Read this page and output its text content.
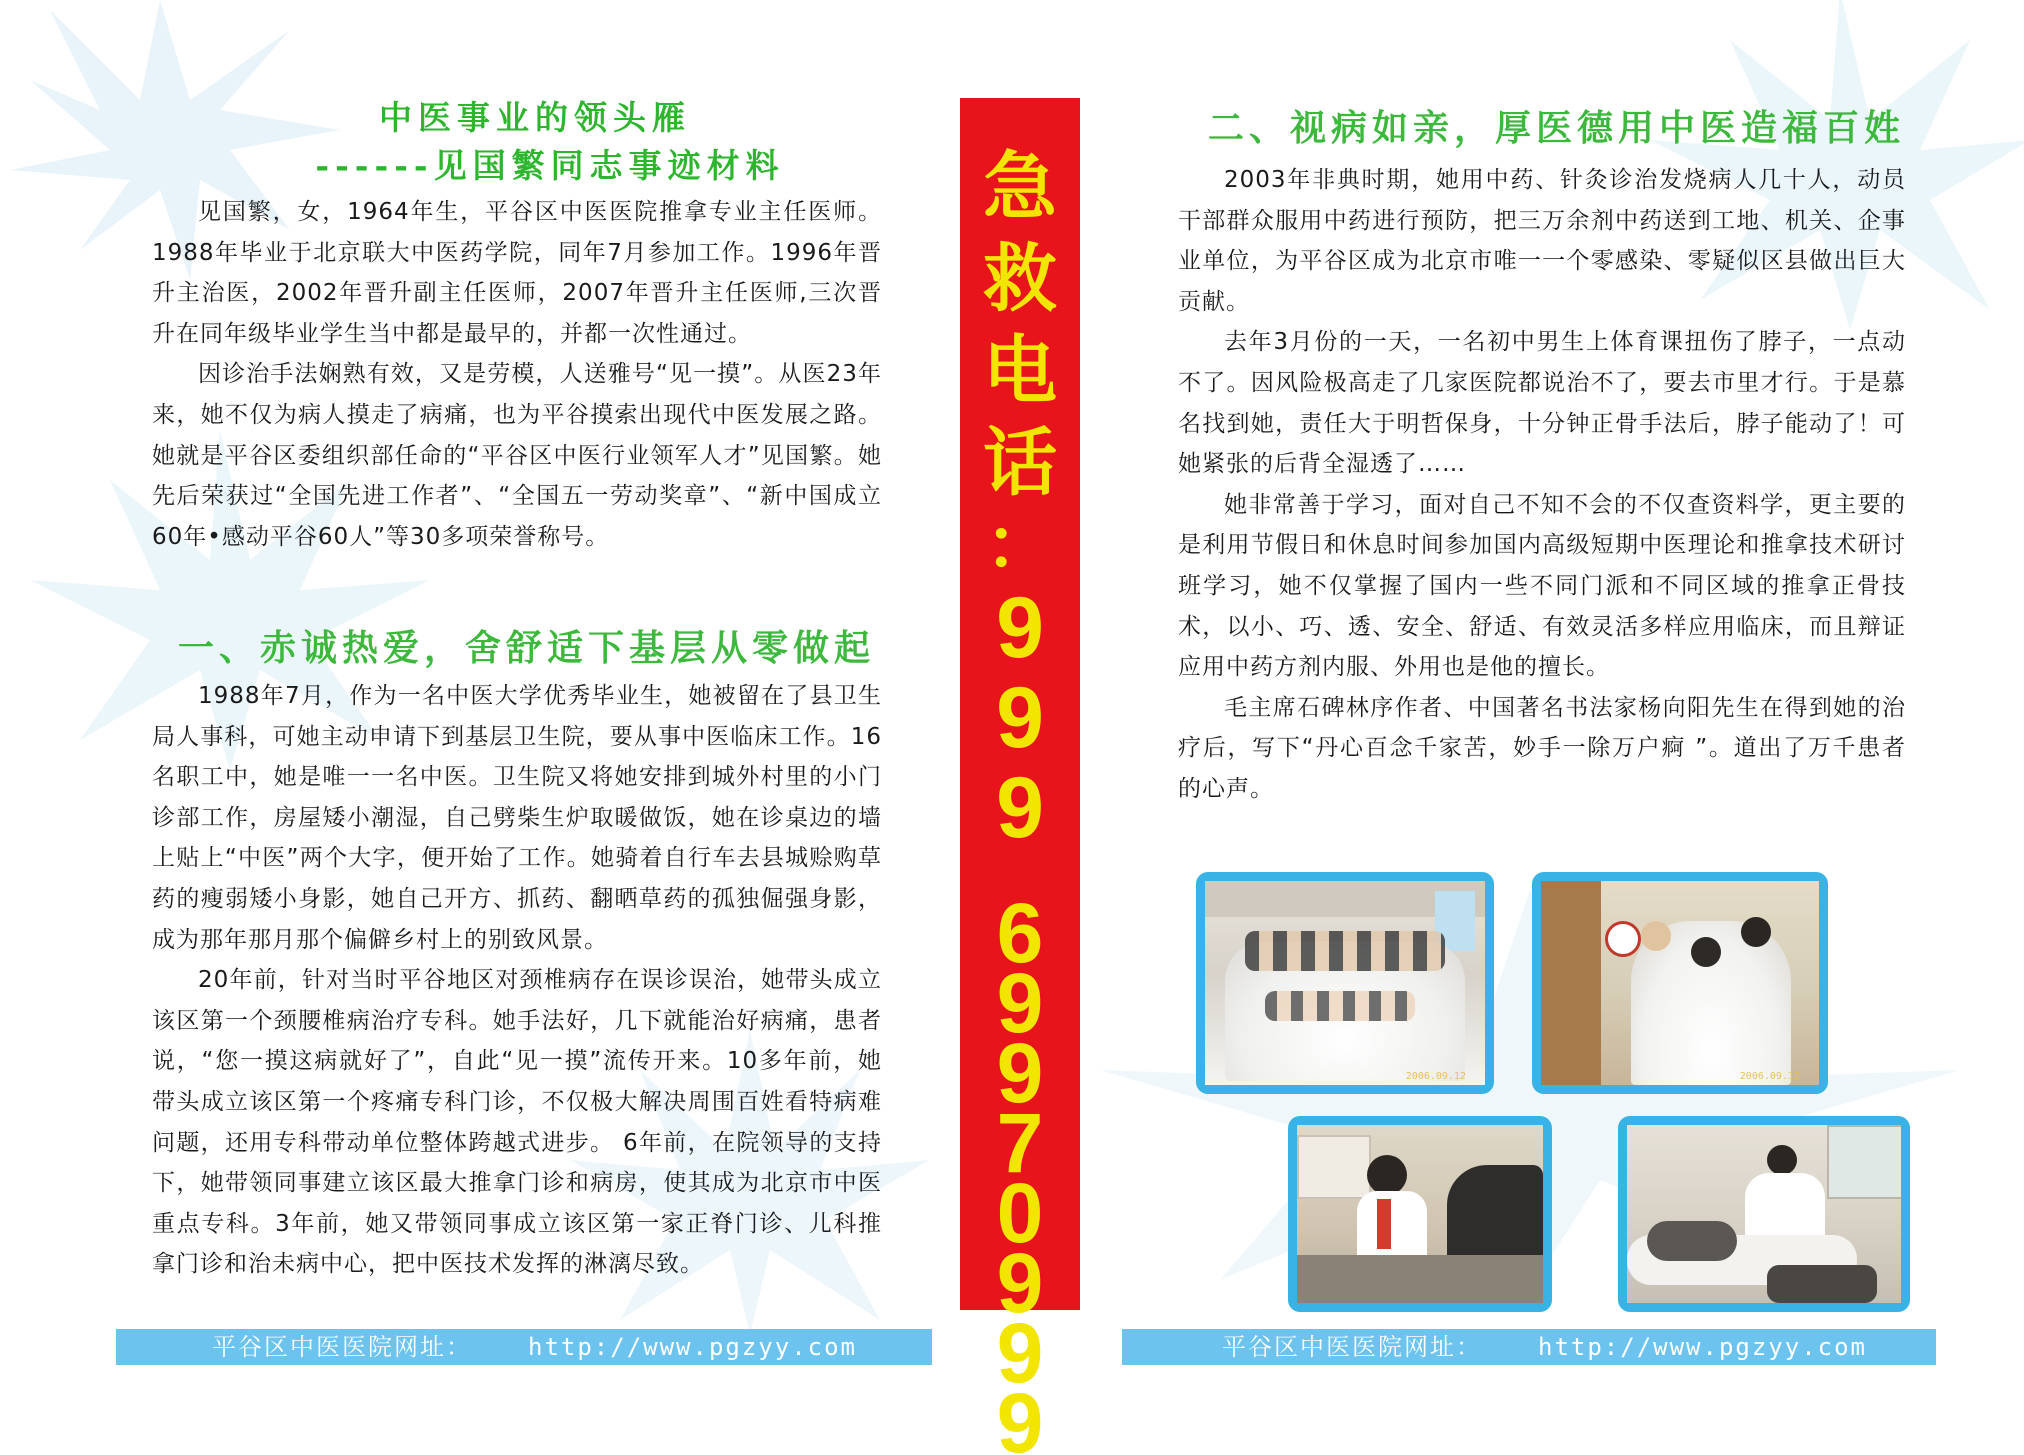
中医事业的领头雁
------见国繁同志事迹材料

见国繁，女，1964年生，平谷区中医医院推拿专业主任医师。1988年毕业于北京联大中医药学院，同年7月参加工作。1996年晋升主治医，2002年晋升副主任医师，2007年晋升主任医师,三次晋升在同年级毕业学生当中都是最早的，并都一次性通过。

因诊治手法娴熟有效，又是劳模，人送雅号“见一摸”。从医23年来，她不仅为病人摸走了病痛，也为平谷摸索出现代中医发展之路。她就是平谷区委组织部任命的“平谷区中医行业领军人才”见国繁。她先后荣获过“全国先进工作者”、“全国五一劳动奖章”、“新中国成立60年•感动平谷60人”等30多项荣誉称号。

一、赤诚热爱，舍舒适下基层从零做起

1988年7月，作为一名中医大学优秀毕业生，她被留在了县卫生局人事科，可她主动申请下到基层卫生院，要从事中医临床工作。16名职工中，她是唯一一名中医。卫生院又将她安排到城外村里的小门诊部工作，房屋矮小潮湿，自己劈柴生炉取暖做饭，她在诊桌边的墙上贴上“中医”两个大字，便开始了工作。她骑着自行车去县城赊购草药的瘦弱矮小身影，她自己开方、抓药、翻晒草药的孤独倔强身影，成为那年那月那个偏僻乡村上的别致风景。

20年前，针对当时平谷地区对颈椎病存在误诊误治，她带头成立该区第一个颈腰椎病治疗专科。她手法好，几下就能治好病痛，患者说，“您一摸这病就好了”，自此“见一摸”流传开来。10多年前，她带头成立该区第一个疼痛专科门诊，不仅极大解决周围百姓看特病难问题，还用专科带动单位整体跨越式进步。 6年前，在院领导的支持下，她带领同事建立该区最大推拿门诊和病房，使其成为北京市中医重点专科。3年前，她又带领同事成立该区第一家正脊门诊、儿科推拿门诊和治未病中心，把中医技术发挥的淋漓尽致。

急
救
电
话
：
999
69970999
二、视病如亲，厚医德用中医造福百姓

2003年非典时期，她用中药、针灸诊治发烧病人几十人，动员干部群众服用中药进行预防，把三万余剂中药送到工地、机关、企事业单位，为平谷区成为北京市唯一一个零感染、零疑似区县做出巨大贡献。

去年3月份的一天，一名初中男生上体育课扭伤了脖子，一点动不了。因风险极高走了几家医院都说治不了，要去市里才行。于是慕名找到她，责任大于明哲保身，十分钟正骨手法后，脖子能动了！可她紧张的后背全湿透了……

她非常善于学习，面对自己不知不会的不仅查资料学，更主要的是利用节假日和休息时间参加国内高级短期中医理论和推拿技术研讨班学习，她不仅掌握了国内一些不同门派和不同区域的推拿正骨技术，以小、巧、透、安全、舒适、有效灵活多样应用临床，而且辩证应用中药方剂内服、外用也是他的擅长。

毛主席石碑林序作者、中国著名书法家杨向阳先生在得到她的治疗后，写下“丹心百念千家苦，妙手一除万户痾 ”。道出了万千患者的心声。

2006.09.12	2006.09.12
平谷区中医医院网址： http://www.pgzyy.com	平谷区中医医院网址： http://www.pgzyy.com
